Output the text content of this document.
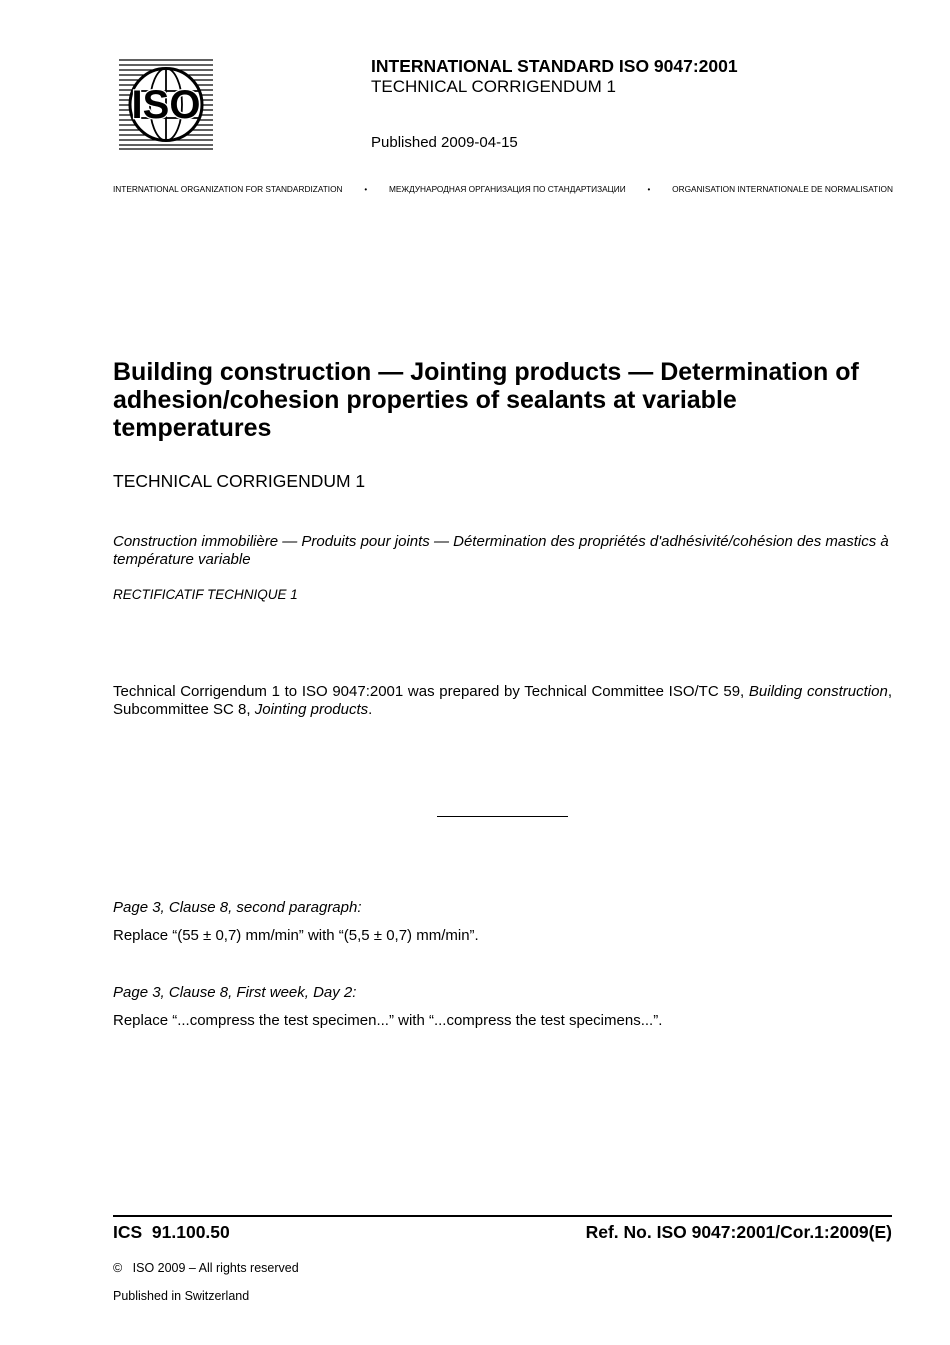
ISO
INTERNATIONAL STANDARD ISO 9047:2001
TECHNICAL CORRIGENDUM 1
Published 2009-04-15
INTERNATIONAL ORGANIZATION FOR STANDARDIZATION	•	МЕЖДУНАРОДНАЯ ОРГАНИЗАЦИЯ ПО СТАНДАРТИЗАЦИИ	•	ORGANISATION INTERNATIONALE DE NORMALISATION
Building construction — Jointing products — Determination of adhesion/cohesion properties of sealants at variable temperatures
TECHNICAL CORRIGENDUM 1
Construction immobilière — Produits pour joints — Détermination des propriétés d'adhésivité/cohésion des mastics à température variable
RECTIFICATIF TECHNIQUE 1
Technical Corrigendum 1 to ISO 9047:2001 was prepared by Technical Committee ISO/TC 59, Building construction, Subcommittee SC 8, Jointing products.
Page 3, Clause 8, second paragraph:
Replace “(55 ± 0,7) mm/min” with “(5,5 ± 0,7) mm/min”.
Page 3, Clause 8, First week, Day 2:
Replace “...compress the test specimen...” with “...compress the test specimens...”.
ICS  91.100.50	Ref. No. ISO 9047:2001/Cor.1:2009(E)
©   ISO 2009 – All rights reserved
Published in Switzerland
